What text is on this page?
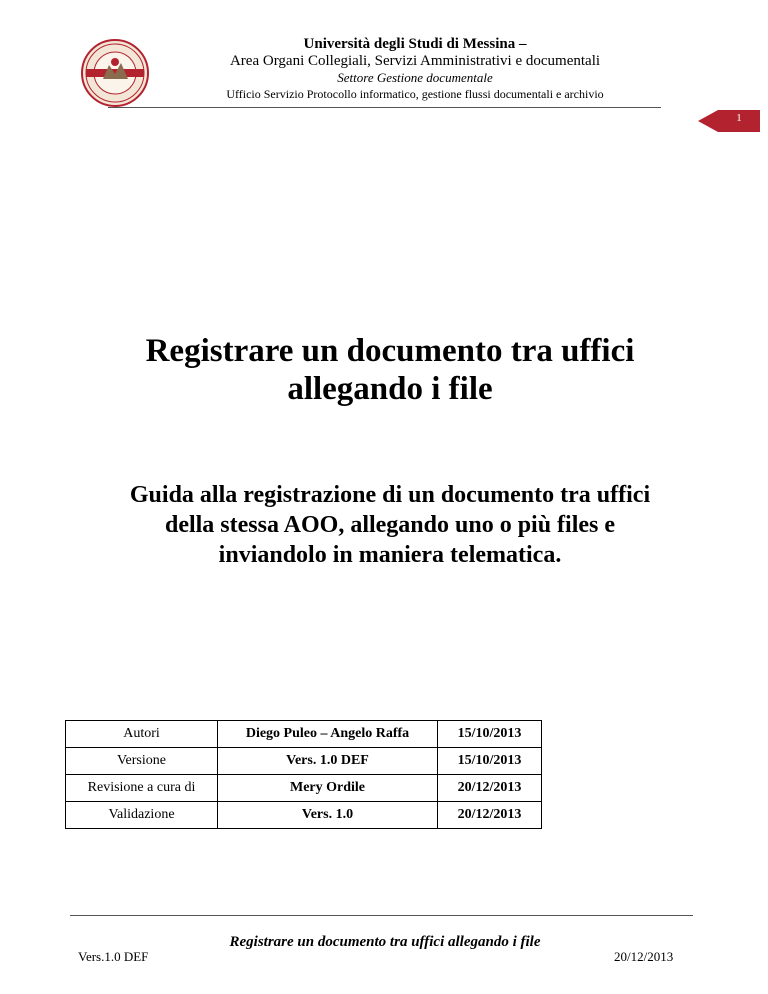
Università degli Studi di Messina –
Area Organi Collegiali, Servizi Amministrativi e documentali
Settore Gestione documentale
Ufficio Servizio Protocollo informatico, gestione flussi documentali e archivio
1
Registrare un documento tra uffici
allegando i file
Guida alla registrazione di un documento tra uffici
della stessa AOO, allegando uno o più files e
inviandolo in maniera telematica.
Autori	Diego Puleo – Angelo Raffa	15/10/2013
Versione	Vers. 1.0 DEF	15/10/2013
Revisione a cura di	Mery Ordile	20/12/2013
Validazione	Vers. 1.0	20/12/2013
Registrare un documento tra uffici allegando i file
Vers.1.0 DEF	20/12/2013
